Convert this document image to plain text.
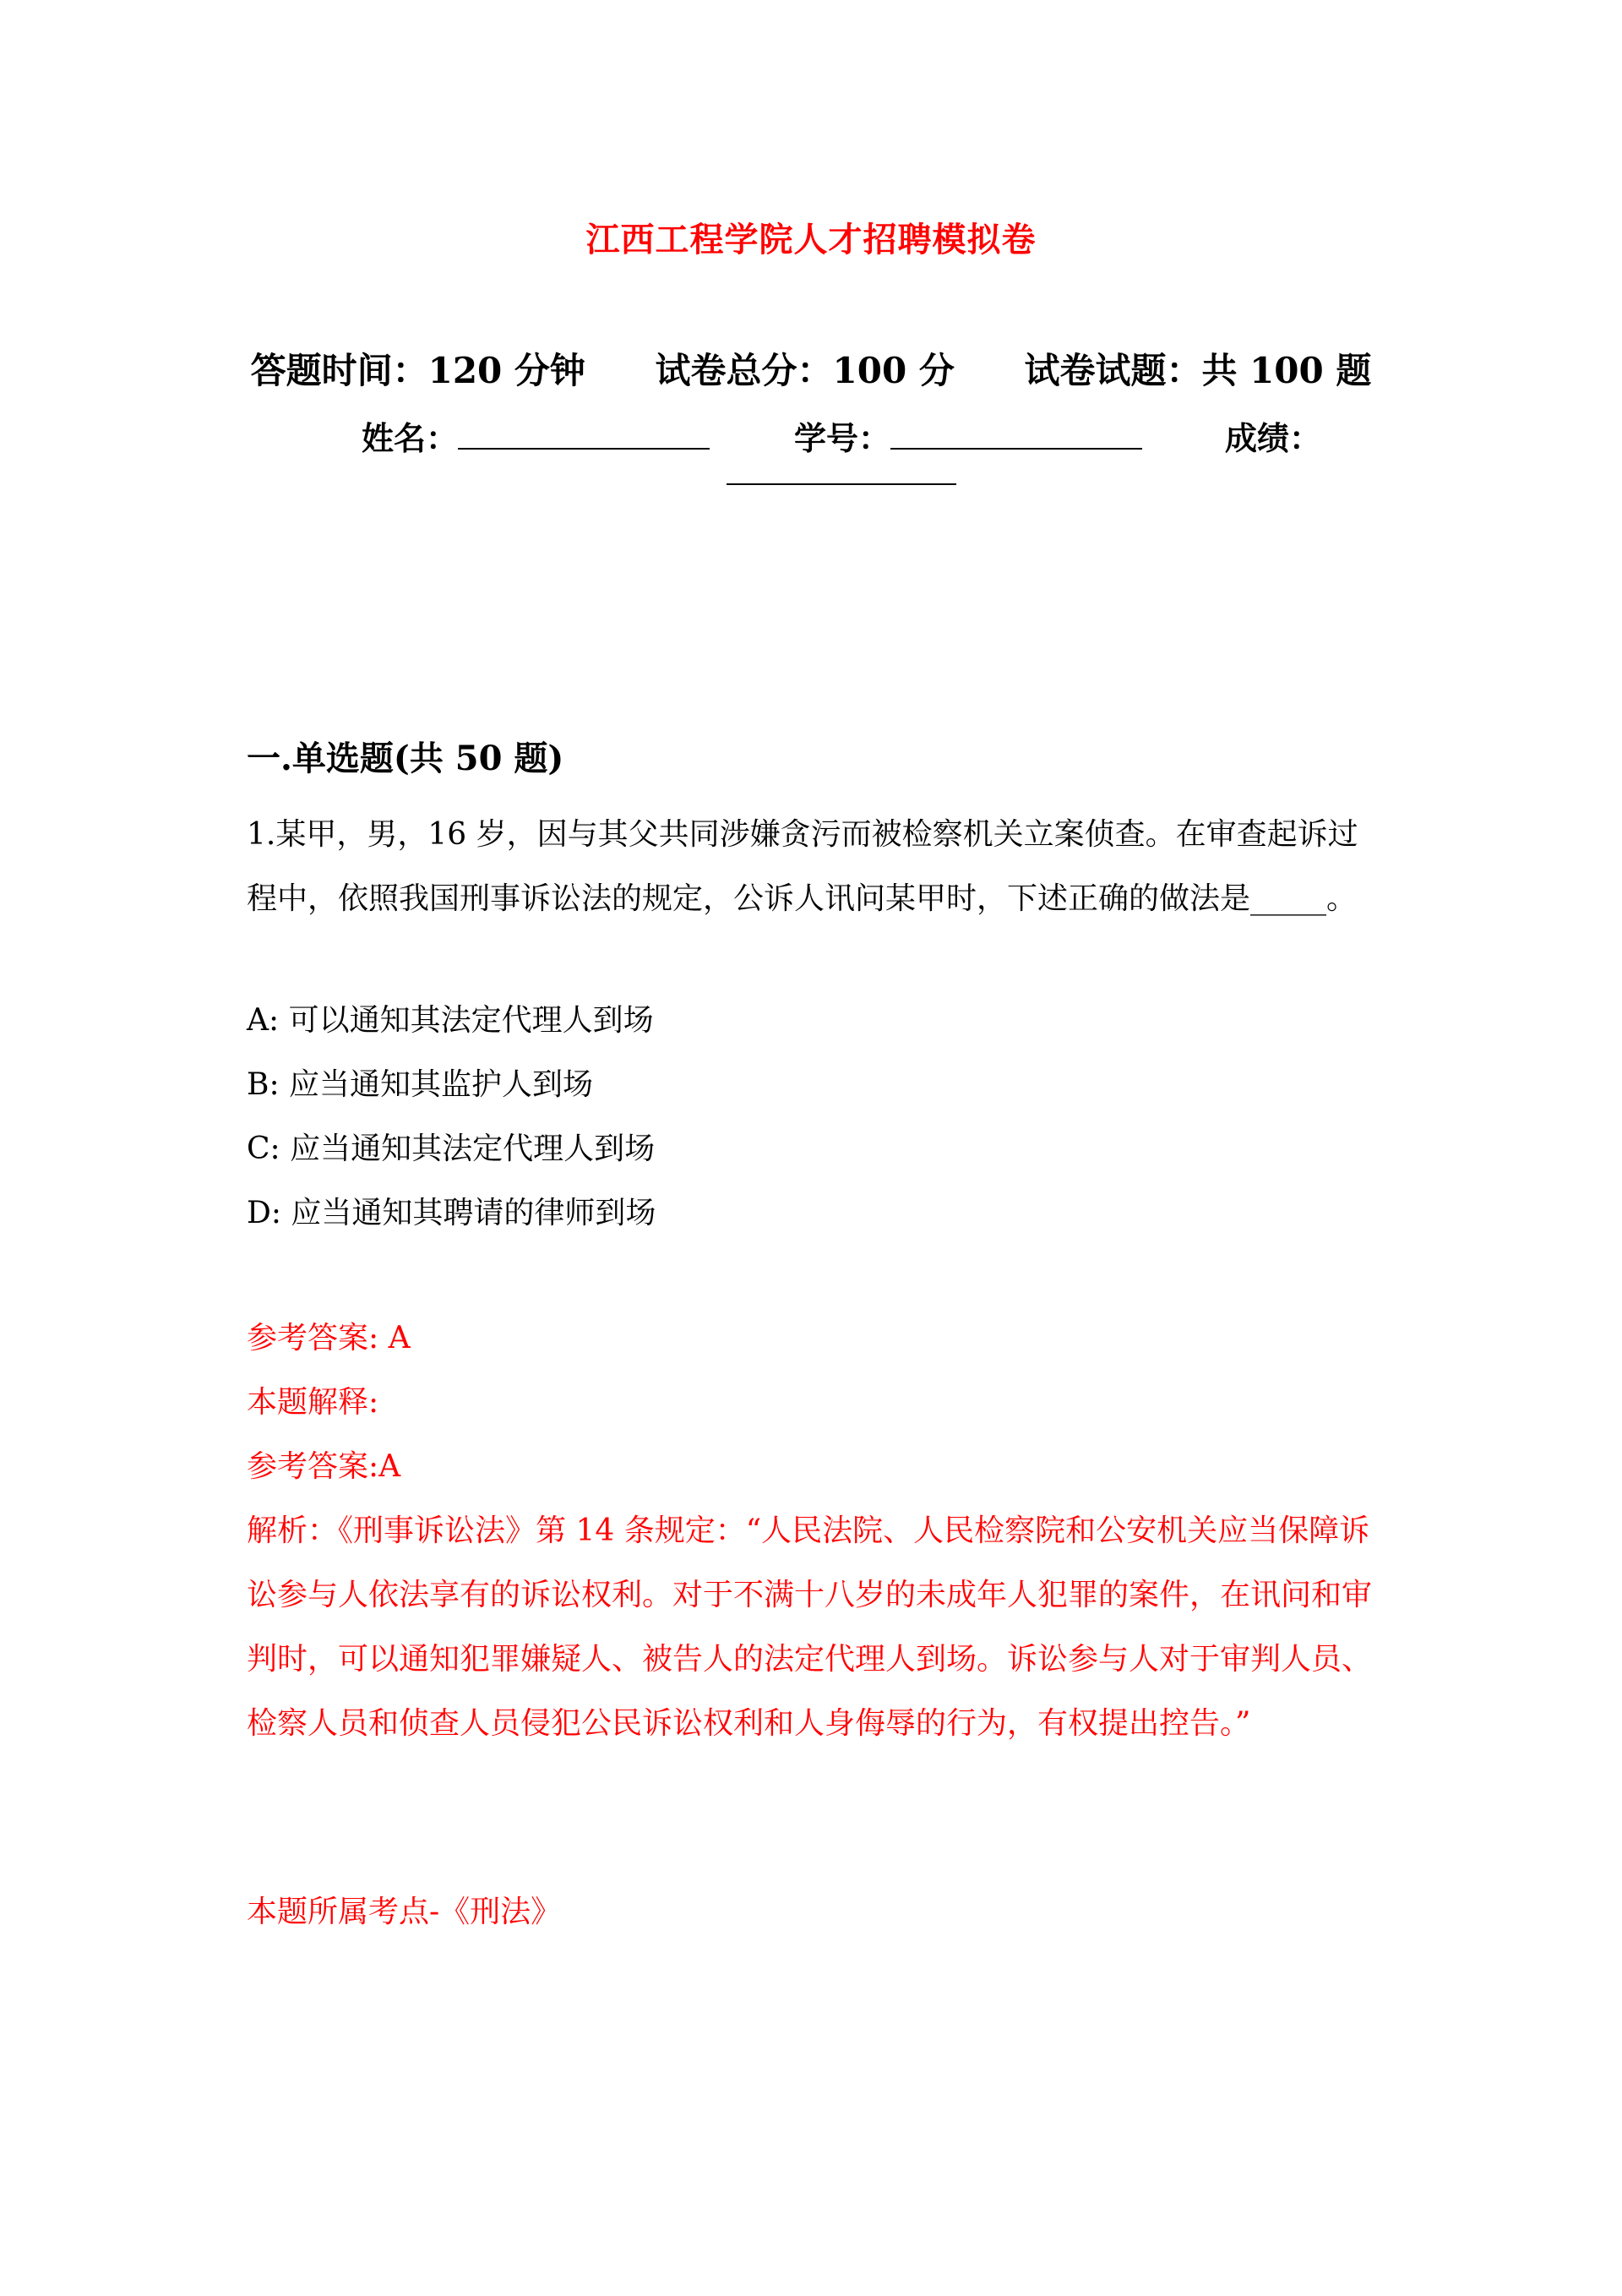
江西工程学院人才招聘模拟卷
答题时间：120 分钟 试卷总分：100 分 试卷试题：共 100 题
姓名：	学号：	成绩：
一.单选题(共 50 题)
1.某甲，男，16 岁，因与其父共同涉嫌贪污而被检察机关立案侦查。在审查起诉过程中，依照我国刑事诉讼法的规定，公诉人讯问某甲时，下述正确的做法是_____。
A: 可以通知其法定代理人到场
B: 应当通知其监护人到场
C: 应当通知其法定代理人到场
D: 应当通知其聘请的律师到场
参考答案: A
本题解释:
参考答案:A
解析：《刑事诉讼法》第 14 条规定：“人民法院、人民检察院和公安机关应当保障诉讼参与人依法享有的诉讼权利。对于不满十八岁的未成年人犯罪的案件，在讯问和审判时，可以通知犯罪嫌疑人、被告人的法定代理人到场。诉讼参与人对于审判人员、检察人员和侦查人员侵犯公民诉讼权利和人身侮辱的行为，有权提出控告。”
本题所属考点-《刑法》
